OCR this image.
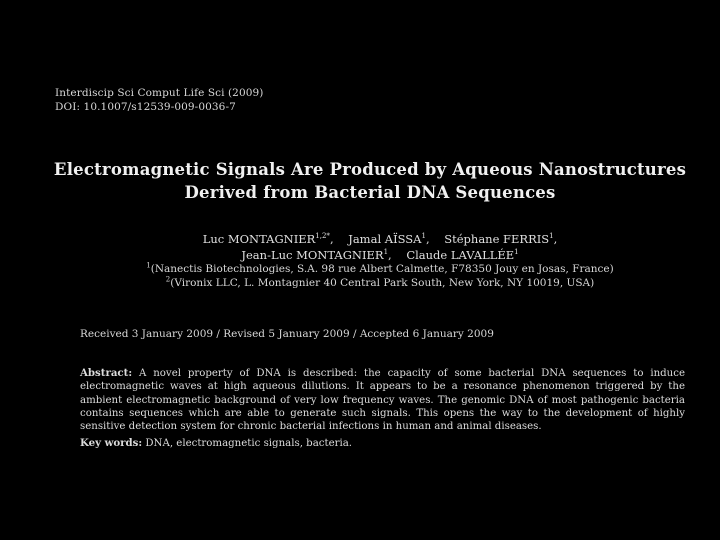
Interdiscip Sci Comput Life Sci (2009)
DOI: 10.1007/s12539-009-0036-7
Electromagnetic Signals Are Produced by Aqueous Nanostructures
Derived from Bacterial DNA Sequences
Luc $MONTAGNIER^{1,2*}$,    Jamal AÏSSA$^1$,    Stéphane FERRIS$^1$,
Jean-Luc MONTAGNIER$^1$,    Claude LAVALLÉE$^1$
$^1$(Nanectis Biotechnologies, S.A. 98 rue Albert Calmette, F78350 Jouy en Josas, France)
$^2$(Vironix LLC, L. Montagnier 40 Central Park South, New York, NY 10019, USA)
Received 3 January 2009 / Revised 5 January 2009 / Accepted 6 January 2009
Abstract: A novel property of DNA is described: the capacity of some bacterial DNA sequences to induce electromagnetic waves at high aqueous dilutions. It appears to be a resonance phenomenon triggered by the ambient electromagnetic background of very low frequency waves. The genomic DNA of most pathogenic bacteria contains sequences which are able to generate such signals. This opens the way to the development of highly sensitive detection system for chronic bacterial infections in human and animal diseases.
Key words: DNA, electromagnetic signals, bacteria.
